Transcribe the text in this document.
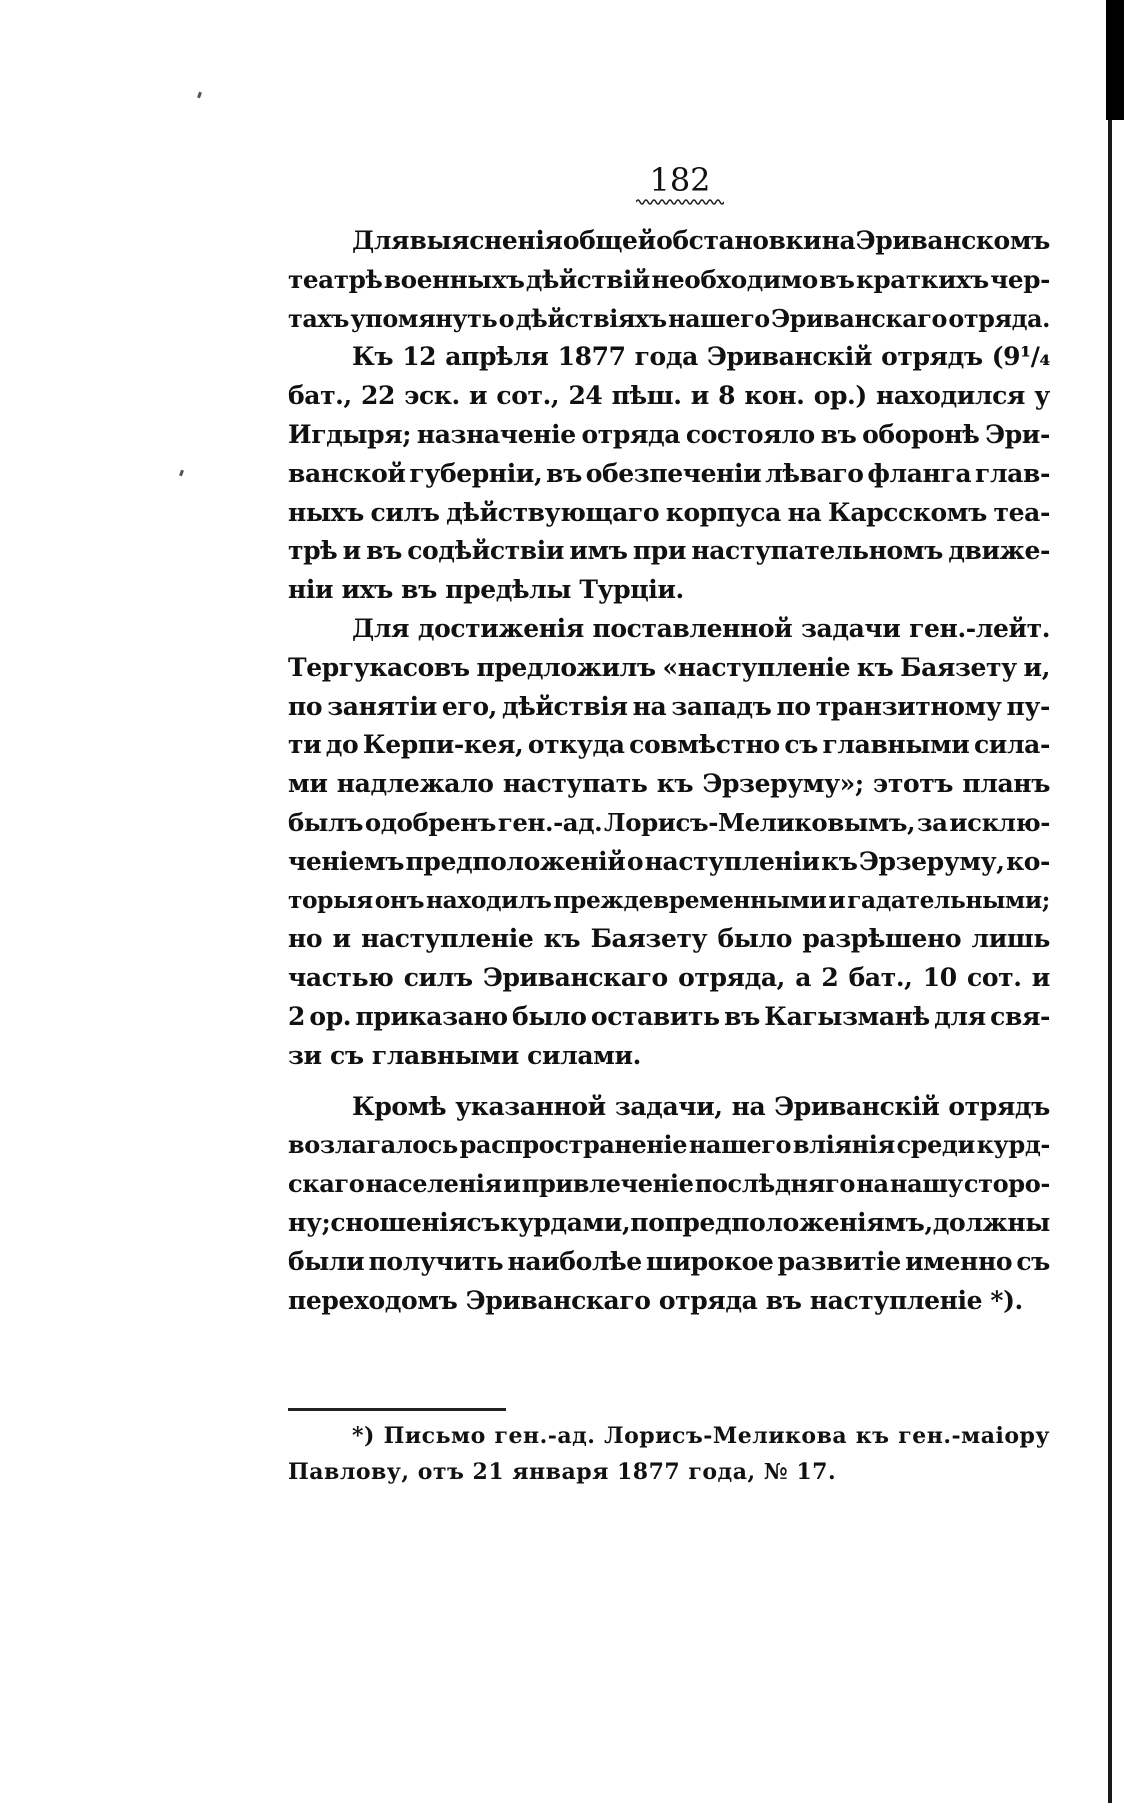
182
Для выясненія общей обстановки на Эриванскомъ
театрѣ военныхъ дѣйствій необходимо въ краткихъ чер-
тахъ упомянуть о дѣйствіяхъ нашего Эриванскаго отряда.
Къ 12 апрѣля 1877 года Эриванскій отрядъ (9¹/₄
бат., 22 эск. и сот., 24 пѣш. и 8 кон. ор.) находился у
Игдыря; назначеніе отряда состояло въ оборонѣ Эри-
ванской губерніи, въ обезпеченіи лѣваго фланга глав-
ныхъ силъ дѣйствующаго корпуса на Карсскомъ теа-
трѣ и въ содѣйствіи имъ при наступательномъ движе-
ніи ихъ въ предѣлы Турціи.
Для достиженія поставленной задачи ген.-лейт.
Тергукасовъ предложилъ «наступленіе къ Баязету и,
по занятіи его, дѣйствія на западъ по транзитному пу-
ти до Керпи-кея, откуда совмѣстно съ главными сила-
ми надлежало наступать къ Эрзеруму»; этотъ планъ
былъ одобренъ ген.-ад. Лорисъ-Меликовымъ, за исклю-
ченіемъ предположеній о наступленіи къ Эрзеруму, ко-
торыя онъ находилъ преждевременными и гадательными;
но и наступленіе къ Баязету было разрѣшено лишь
частью силъ Эриванскаго отряда, а 2 бат., 10 сот. и
2 ор. приказано было оставить въ Кагызманѣ для свя-
зи съ главными силами.
Кромѣ указанной задачи, на Эриванскій отрядъ
возлагалось распространеніе нашего вліянія среди курд-
скаго населенія и привлеченіе послѣдняго на нашу сторо-
ну; сношенія съ курдами, по предположеніямъ, должны
были получить наиболѣе широкое развитіе именно съ
переходомъ Эриванскаго отряда въ наступленіе *).
*) Письмо ген.-ад. Лорисъ-Меликова къ ген.-маіору
Павлову, отъ 21 января 1877 года, № 17.
